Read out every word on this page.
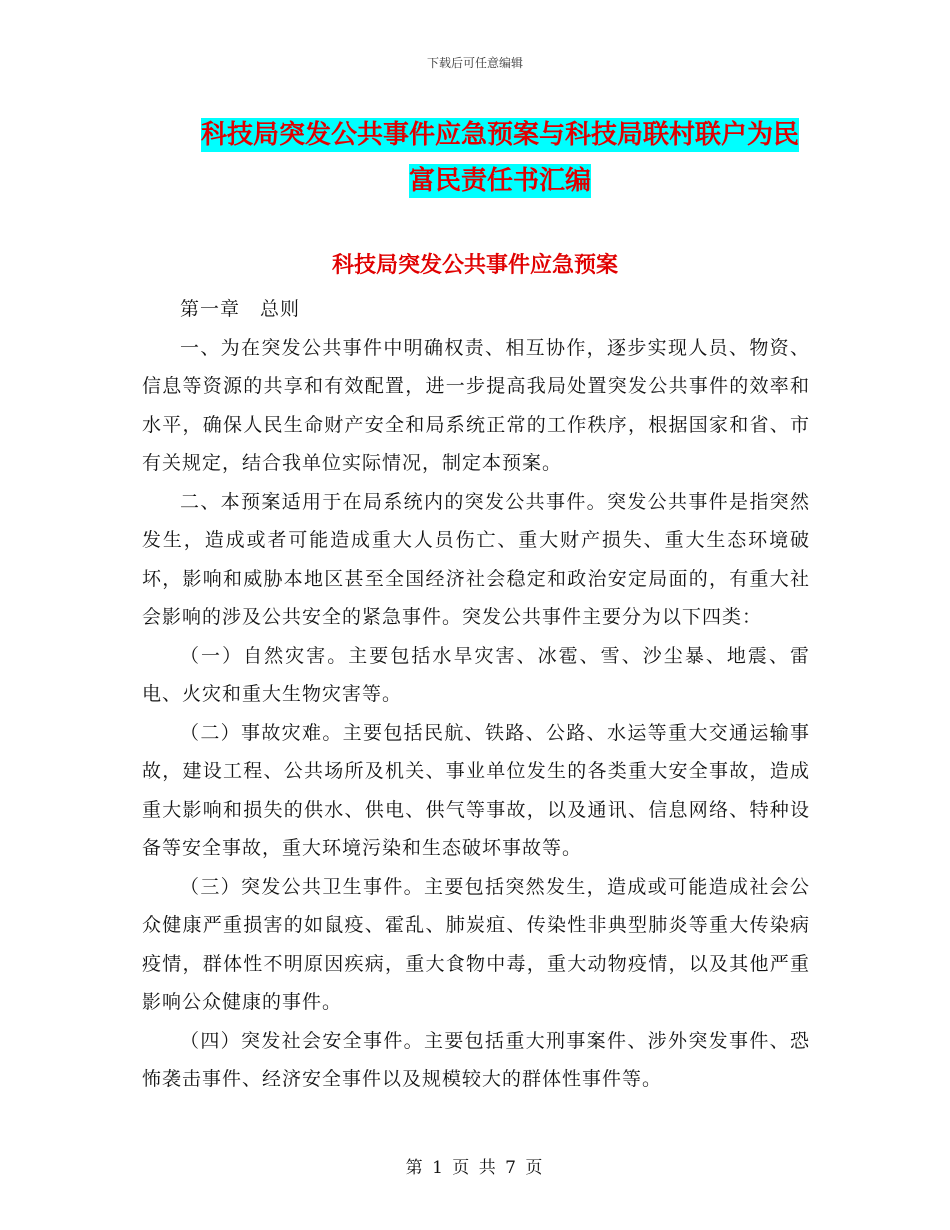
下载后可任意编辑
科技局突发公共事件应急预案与科技局联村联户为民
富民责任书汇编
科技局突发公共事件应急预案

第一章　总则

一、为在突发公共事件中明确权责、相互协作，逐步实现人员、物资、信息等资源的共享和有效配置，进一步提高我局处置突发公共事件的效率和水平，确保人民生命财产安全和局系统正常的工作秩序，根据国家和省、市有关规定，结合我单位实际情况，制定本预案。

二、本预案适用于在局系统内的突发公共事件。突发公共事件是指突然发生，造成或者可能造成重大人员伤亡、重大财产损失、重大生态环境破坏，影响和威胁本地区甚至全国经济社会稳定和政治安定局面的，有重大社会影响的涉及公共安全的紧急事件。突发公共事件主要分为以下四类：

（一）自然灾害。主要包括水旱灾害、冰雹、雪、沙尘暴、地震、雷电、火灾和重大生物灾害等。

（二）事故灾难。主要包括民航、铁路、公路、水运等重大交通运输事故，建设工程、公共场所及机关、事业单位发生的各类重大安全事故，造成重大影响和损失的供水、供电、供气等事故，以及通讯、信息网络、特种设备等安全事故，重大环境污染和生态破坏事故等。

（三）突发公共卫生事件。主要包括突然发生，造成或可能造成社会公众健康严重损害的如鼠疫、霍乱、肺炭疽、传染性非典型肺炎等重大传染病疫情，群体性不明原因疾病，重大食物中毒，重大动物疫情，以及其他严重影响公众健康的事件。

（四）突发社会安全事件。主要包括重大刑事案件、涉外突发事件、恐怖袭击事件、经济安全事件以及规模较大的群体性事件等。

第 1 页 共 7 页
